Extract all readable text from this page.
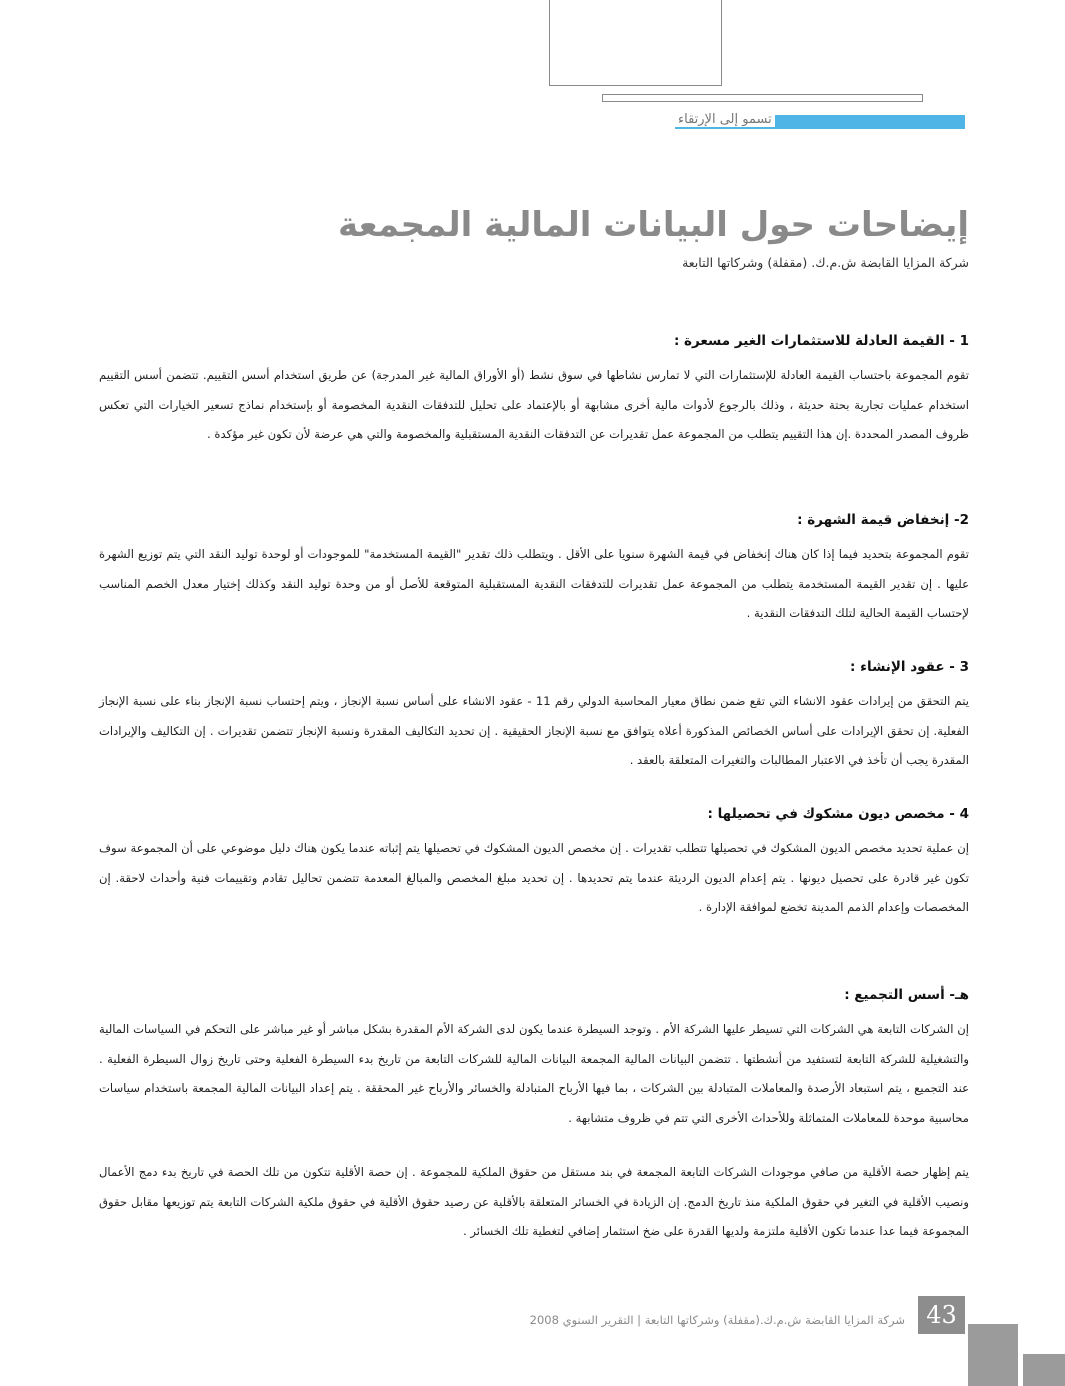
تسمو إلى الإرتقاء
إيضاحات حول البيانات المالية المجمعة
شركة المزايا القابضة ش.م.ك. (مقفلة) وشركاتها التابعة
1 - القيمة العادلة للاستثمارات الغير مسعرة :

تقوم المجموعة باحتساب القيمة العادلة للإستثمارات التي لا تمارس نشاطها في سوق نشط (أو الأوراق المالية غير المدرجة) عن طريق استخدام أسس التقييم. تتضمن أسس التقييم استخدام عمليات تجارية بحتة حديثة ، وذلك بالرجوع لأدوات مالية أخرى مشابهة أو بالإعتماد على تحليل للتدفقات النقدية المخصومة أو بإستخدام نماذج تسعير الخيارات التي تعكس ظروف المصدر المحددة .إن هذا التقييم يتطلب من المجموعة عمل تقديرات عن التدفقات النقدية المستقبلية والمخصومة والتي هي عرضة لأن تكون غير مؤكدة .

2- إنخفاض قيمة الشهرة :

تقوم المجموعة بتحديد فيما إذا كان هناك إنخفاض في قيمة الشهرة سنويا على الأقل . ويتطلب ذلك تقدير "القيمة المستخدمة" للموجودات أو لوحدة توليد النقد التي يتم توزيع الشهرة عليها . إن تقدير القيمة المستخدمة يتطلب من المجموعة عمل تقديرات للتدفقات النقدية المستقبلية المتوقعة للأصل أو من وحدة توليد النقد وكذلك إختيار معدل الخصم المناسب لإحتساب القيمة الحالية لتلك التدفقات النقدية .

3 - عقود الإنشاء :

يتم التحقق من إيرادات عقود الانشاء التي تقع ضمن نطاق معيار المحاسبة الدولي رقم 11 - عقود الانشاء على أساس نسبة الإنجاز ، ويتم إحتساب نسبة الإنجاز بناء على نسبة الإنجاز الفعلية. إن تحقق الإيرادات على أساس الخصائص المذكورة أعلاه يتوافق مع نسبة الإنجاز الحقيقية . إن تحديد التكاليف المقدرة ونسبة الإنجاز تتضمن تقديرات . إن التكاليف والإيرادات المقدرة يجب أن تأخذ في الاعتبار المطالبات والتغيرات المتعلقة بالعقد .

4 - مخصص ديون مشكوك في تحصيلها :

إن عملية تحديد مخصص الديون المشكوك في تحصيلها تتطلب تقديرات . إن مخصص الديون المشكوك في تحصيلها يتم إثباته عندما يكون هناك دليل موضوعي على أن المجموعة سوف تكون غير قادرة على تحصيل ديونها . يتم إعدام الديون الرديئة عندما يتم تحديدها . إن تحديد مبلغ المخصص والمبالغ المعدمة تتضمن تحاليل تقادم وتقييمات فنية وأحداث لاحقة. إن المخصصات وإعدام الذمم المدينة تخضع لموافقة الإدارة .

هـ- أسس التجميع :

إن الشركات التابعة هي الشركات التي تسيطر عليها الشركة الأم . وتوجد السيطرة عندما يكون لدى الشركة الأم المقدرة بشكل مباشر أو غير مباشر على التحكم في السياسات المالية والتشغيلية للشركة التابعة لتستفيد من أنشطتها . تتضمن البيانات المالية المجمعة البيانات المالية للشركات التابعة من تاريخ بدء السيطرة الفعلية وحتى تاريخ زوال السيطرة الفعلية . عند التجميع ، يتم استبعاد الأرصدة والمعاملات المتبادلة بين الشركات ، بما فيها الأرباح المتبادلة والخسائر والأرباح غير المحققة . يتم إعداد البيانات المالية المجمعة باستخدام سياسات محاسبية موحدة للمعاملات المتماثلة وللأحداث الأخرى التي تتم في ظروف متشابهة .

يتم إظهار حصة الأقلية من صافي موجودات الشركات التابعة المجمعة في بند مستقل من حقوق الملكية للمجموعة . إن حصة الأقلية تتكون من تلك الحصة في تاريخ بدء دمج الأعمال ونصيب الأقلية في التغير في حقوق الملكية منذ تاريخ الدمج. إن الزيادة في الخسائر المتعلقة بالأقلية عن رصيد حقوق الأقلية في حقوق ملكية الشركات التابعة يتم توزيعها مقابل حقوق المجموعة فيما عدا عندما تكون الأقلية ملتزمة ولديها القدرة على ضخ استثمار إضافي لتغطية تلك الخسائر .

شركة المزايا القابضة ش.م.ك.(مقفلة) وشركاتها التابعة | التقرير السنوي 2008 43
